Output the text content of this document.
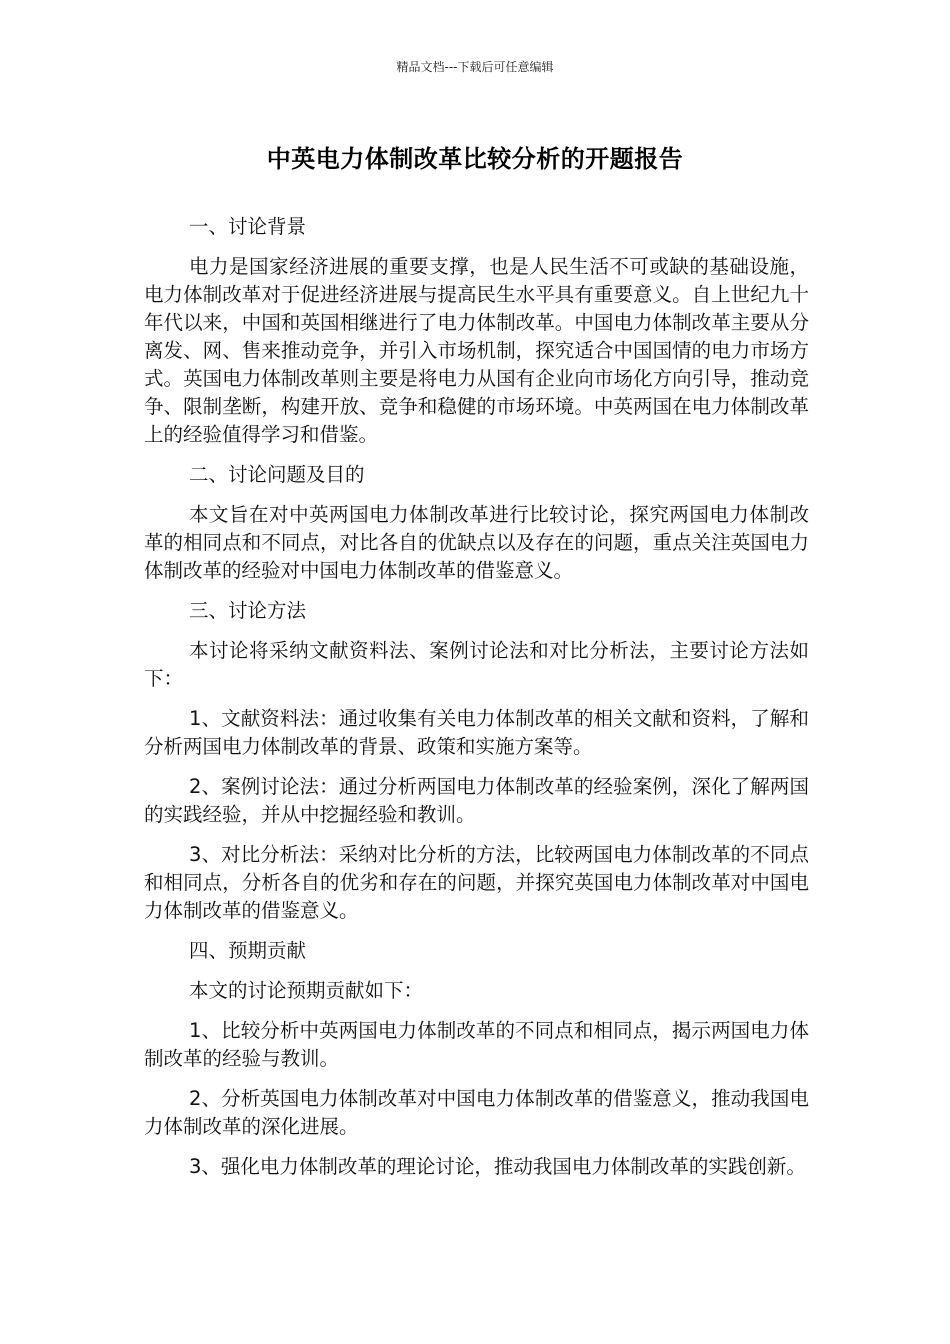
精品文档---下载后可任意编辑
中英电力体制改革比较分析的开题报告

一、讨论背景

电力是国家经济进展的重要支撑，也是人民生活不可或缺的基础设施，电力体制改革对于促进经济进展与提高民生水平具有重要意义。自上世纪九十年代以来，中国和英国相继进行了电力体制改革。中国电力体制改革主要从分离发、网、售来推动竞争，并引入市场机制，探究适合中国国情的电力市场方式。英国电力体制改革则主要是将电力从国有企业向市场化方向引导，推动竞争、限制垄断，构建开放、竞争和稳健的市场环境。中英两国在电力体制改革上的经验值得学习和借鉴。

二、讨论问题及目的

本文旨在对中英两国电力体制改革进行比较讨论，探究两国电力体制改革的相同点和不同点，对比各自的优缺点以及存在的问题，重点关注英国电力体制改革的经验对中国电力体制改革的借鉴意义。

三、讨论方法

本讨论将采纳文献资料法、案例讨论法和对比分析法，主要讨论方法如下：

1、文献资料法：通过收集有关电力体制改革的相关文献和资料，了解和分析两国电力体制改革的背景、政策和实施方案等。

2、案例讨论法：通过分析两国电力体制改革的经验案例，深化了解两国的实践经验，并从中挖掘经验和教训。

3、对比分析法：采纳对比分析的方法，比较两国电力体制改革的不同点和相同点，分析各自的优劣和存在的问题，并探究英国电力体制改革对中国电力体制改革的借鉴意义。

四、预期贡献

本文的讨论预期贡献如下：

1、比较分析中英两国电力体制改革的不同点和相同点，揭示两国电力体制改革的经验与教训。

2、分析英国电力体制改革对中国电力体制改革的借鉴意义，推动我国电力体制改革的深化进展。

3、强化电力体制改革的理论讨论，推动我国电力体制改革的实践创新。
